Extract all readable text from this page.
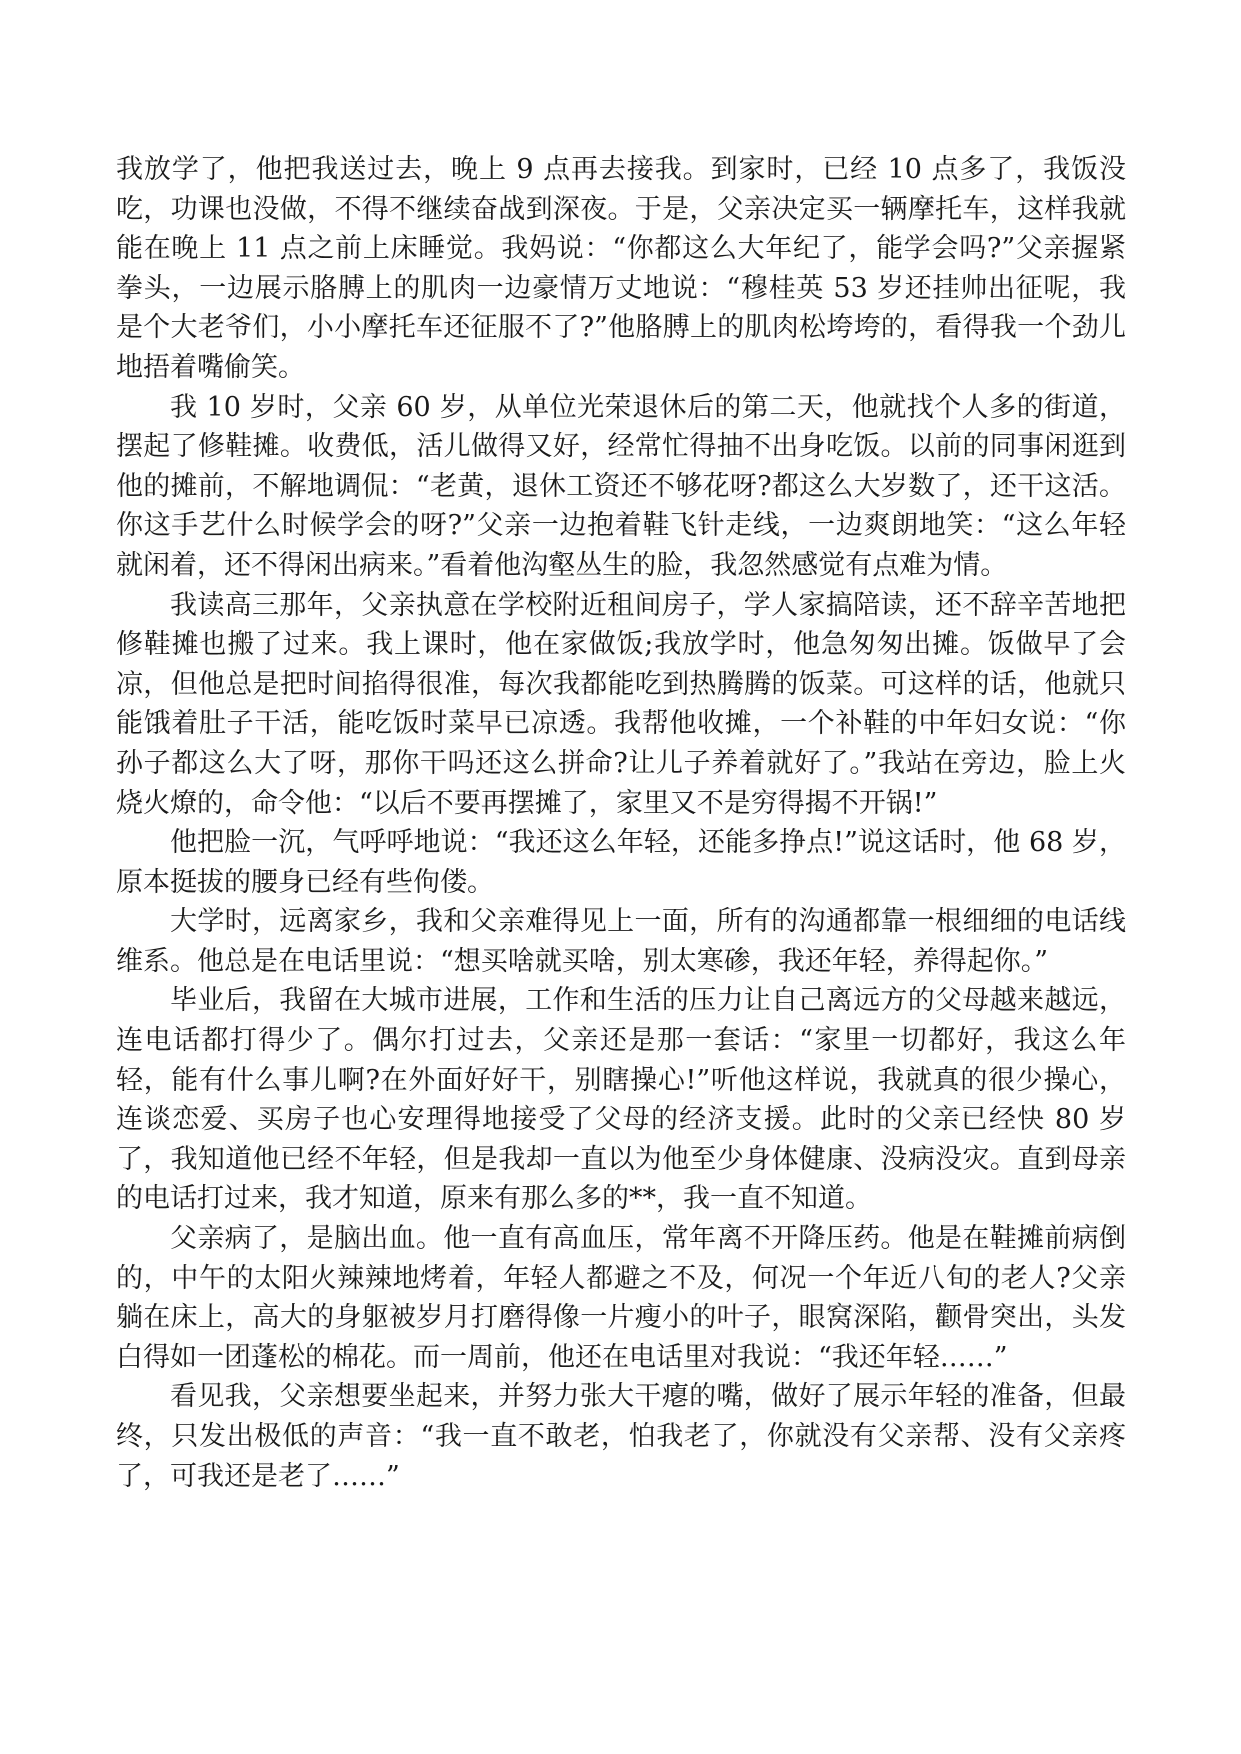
我放学了，他把我送过去，晚上 9 点再去接我。到家时，已经 10 点多了，我饭没吃，功课也没做，不得不继续奋战到深夜。于是，父亲决定买一辆摩托车，这样我就能在晚上 11 点之前上床睡觉。我妈说：“你都这么大年纪了，能学会吗?”父亲握紧拳头，一边展示胳膊上的肌肉一边豪情万丈地说：“穆桂英 53 岁还挂帅出征呢，我是个大老爷们，小小摩托车还征服不了?”他胳膊上的肌肉松垮垮的，看得我一个劲儿地捂着嘴偷笑。

我 10 岁时，父亲 60 岁，从单位光荣退休后的第二天，他就找个人多的街道，摆起了修鞋摊。收费低，活儿做得又好，经常忙得抽不出身吃饭。以前的同事闲逛到他的摊前，不解地调侃：“老黄，退休工资还不够花呀?都这么大岁数了，还干这活。你这手艺什么时候学会的呀?”父亲一边抱着鞋飞针走线，一边爽朗地笑：“这么年轻就闲着，还不得闲出病来。”看着他沟壑丛生的脸，我忽然感觉有点难为情。

我读高三那年，父亲执意在学校附近租间房子，学人家搞陪读，还不辞辛苦地把修鞋摊也搬了过来。我上课时，他在家做饭;我放学时，他急匆匆出摊。饭做早了会凉，但他总是把时间掐得很准，每次我都能吃到热腾腾的饭菜。可这样的话，他就只能饿着肚子干活，能吃饭时菜早已凉透。我帮他收摊，一个补鞋的中年妇女说：“你孙子都这么大了呀，那你干吗还这么拼命?让儿子养着就好了。”我站在旁边，脸上火烧火燎的，命令他：“以后不要再摆摊了，家里又不是穷得揭不开锅!”

他把脸一沉，气呼呼地说：“我还这么年轻，还能多挣点!”说这话时，他 68 岁，原本挺拔的腰身已经有些佝偻。

大学时，远离家乡，我和父亲难得见上一面，所有的沟通都靠一根细细的电话线维系。他总是在电话里说：“想买啥就买啥，别太寒碜，我还年轻，养得起你。”

毕业后，我留在大城市进展，工作和生活的压力让自己离远方的父母越来越远，连电话都打得少了。偶尔打过去，父亲还是那一套话：“家里一切都好，我这么年轻，能有什么事儿啊?在外面好好干，别瞎操心!”听他这样说，我就真的很少操心，连谈恋爱、买房子也心安理得地接受了父母的经济支援。此时的父亲已经快 80 岁了，我知道他已经不年轻，但是我却一直以为他至少身体健康、没病没灾。直到母亲的电话打过来，我才知道，原来有那么多的**，我一直不知道。

父亲病了，是脑出血。他一直有高血压，常年离不开降压药。他是在鞋摊前病倒的，中午的太阳火辣辣地烤着，年轻人都避之不及，何况一个年近八旬的老人?父亲躺在床上，高大的身躯被岁月打磨得像一片瘦小的叶子，眼窝深陷，颧骨突出，头发白得如一团蓬松的棉花。而一周前，他还在电话里对我说：“我还年轻……”

看见我，父亲想要坐起来，并努力张大干瘪的嘴，做好了展示年轻的准备，但最终，只发出极低的声音：“我一直不敢老，怕我老了，你就没有父亲帮、没有父亲疼了，可我还是老了……”
